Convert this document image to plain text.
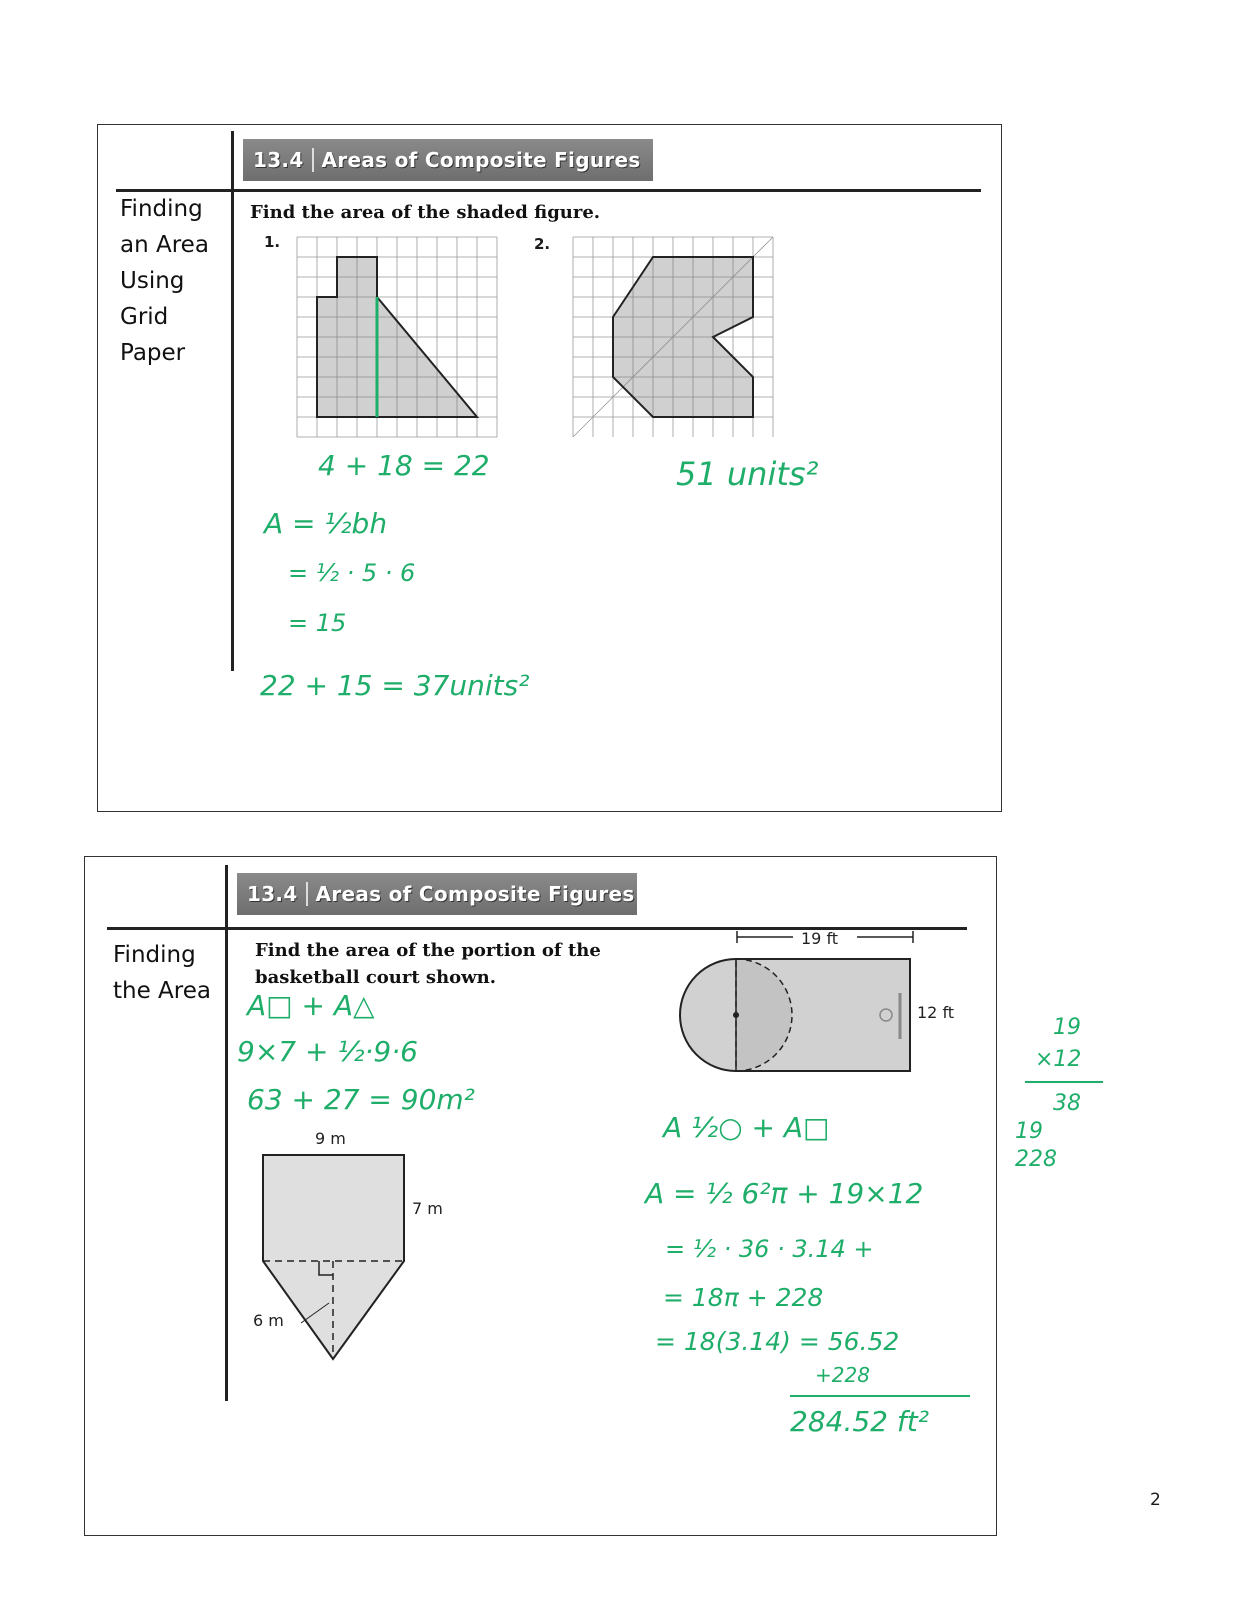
13.4 Areas of Composite Figures
Finding
an Area
Using
Grid
Paper
Find the area of the shaded figure.
1.	2.
4 + 18 = 22
A = ½bh
= ½ · 5 · 6
= 15
22 + 15 = 37units²
51 units²
13.4 Areas of Composite Figures
Finding
the Area
Find the area of the portion of the
basketball court shown.
A□ + A△
9×7 + ½·9·6
63 + 27 = 90m²
9 m
7 m
6 m
19 ft
12 ft
A ½○ + A□
A = ½ 6²π + 19×12
= ½ · 36 · 3.14 +
= 18π + 228
= 18(3.14) = 56.52
+228
284.52 ft²
19
×12
38
19
228
2
